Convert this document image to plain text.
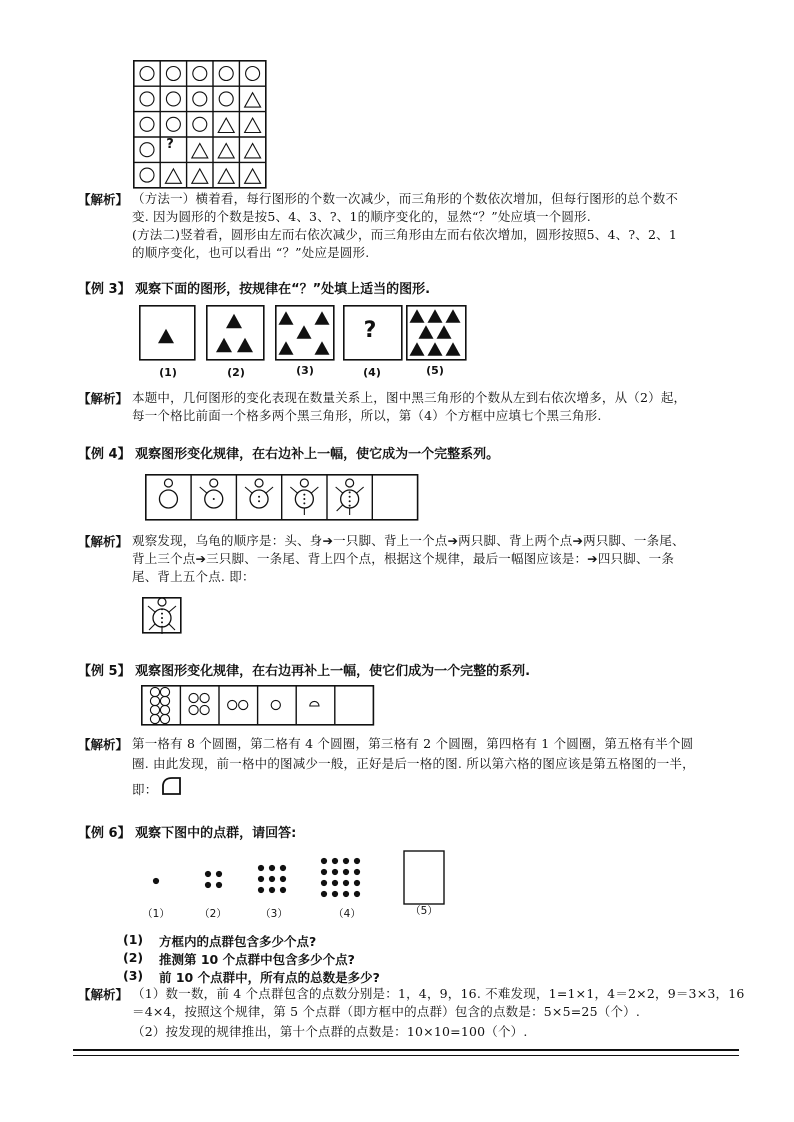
?
【解析】 （方法一）横着看，每行图形的个数一次减少，而三角形的个数依次增加，但每行图形的总个数不
变. 因为圆形的个数是按5、4、3、?、1的顺序变化的，显然“？”处应填一个圆形.
(方法二)竖着看，圆形由左而右依次减少，而三角形由左而右依次增加，圆形按照5、4、?、2、1
的顺序变化，也可以看出 “？”处应是圆形.
【例 3】 观察下面的图形，按规律在“？”处填上适当的图形.
?
(1)	(2)	(3)	(4)	(5)
【解析】 本题中，几何图形的变化表现在数量关系上，图中黑三角形的个数从左到右依次增多，从（2）起，
每一个格比前面一个格多两个黑三角形，所以，第（4）个方框中应填七个黑三角形.
【例 4】 观察图形变化规律，在右边补上一幅，使它成为一个完整系列。
【解析】 观察发现，乌龟的顺序是：头、身➔一只脚、背上一个点➔两只脚、背上两个点➔两只脚、一条尾、
背上三个点➔三只脚、一条尾、背上四个点，根据这个规律，最后一幅图应该是：➔四只脚、一条
尾、背上五个点. 即：
【例 5】 观察图形变化规律，在右边再补上一幅，使它们成为一个完整的系列.
【解析】 第一格有 8 个圆圈，第二格有 4 个圆圈，第三格有 2 个圆圈，第四格有 1 个圆圈，第五格有半个圆
圈. 由此发现，前一格中的图减少一般，正好是后一格的图. 所以第六格的图应该是第五格图的一半，
即：
【例 6】 观察下图中的点群，请回答:
（1）	（2）	（3）	（4）	（5）
(1) 方框内的点群包含多少个点?
(2) 推测第 10 个点群中包含多少个点?
(3) 前 10 个点群中，所有点的总数是多少?
【解析】 （1）数一数，前 4 个点群包含的点数分别是：1，4，9，16. 不难发现，1=1×1，4＝2×2，9＝3×3，16
＝4×4，按照这个规律，第 5 个点群（即方框中的点群）包含的点数是：5×5=25（个）.
（2）按发现的规律推出，第十个点群的点数是：10×10=100（个）.
